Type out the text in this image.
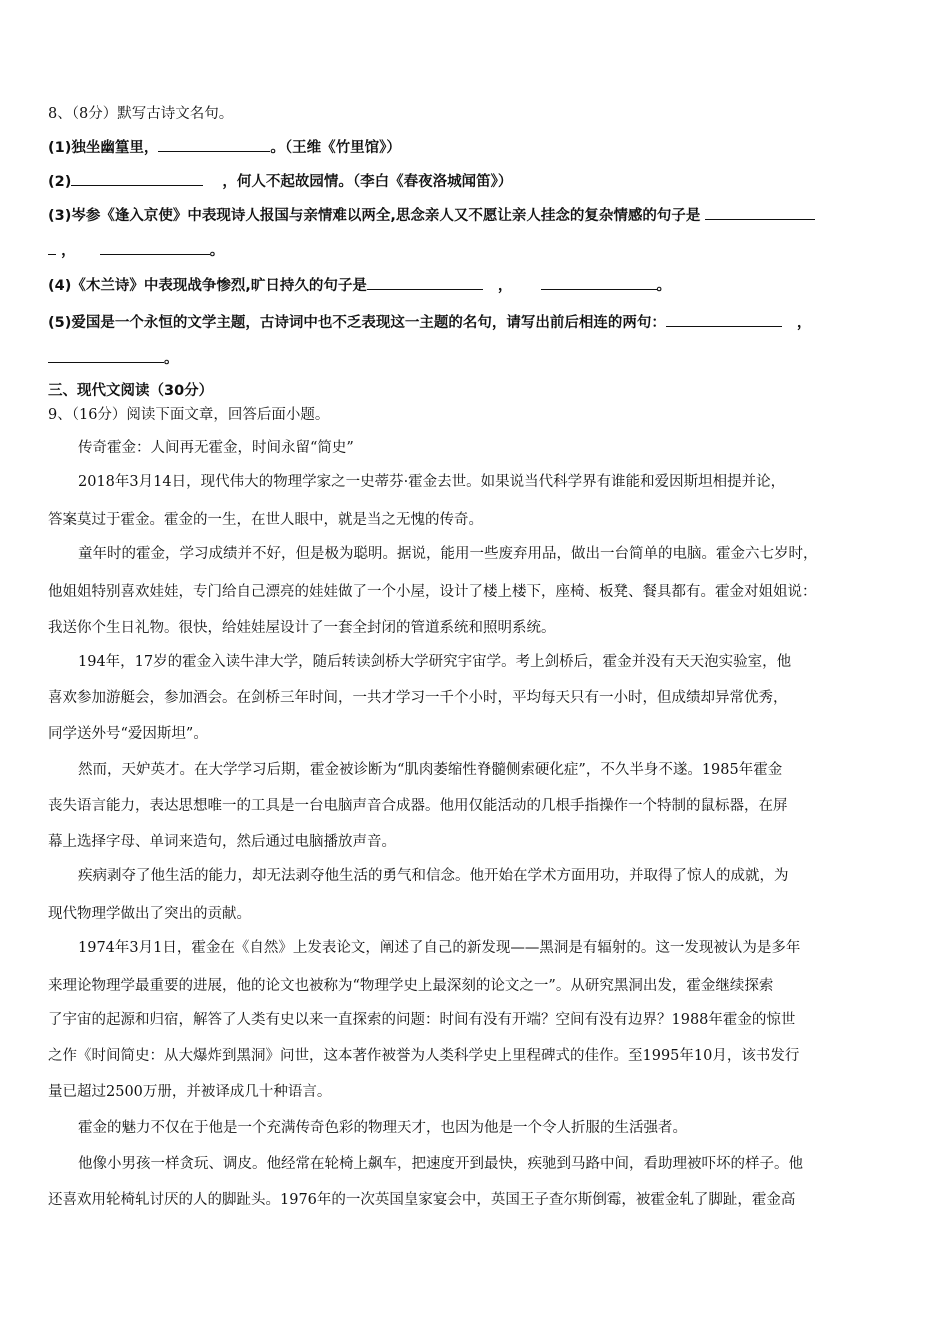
8、（8分）默写古诗文名句。
(1)独坐幽篁里，	。（王维《竹里馆》）
(2)	，何人不起故园情。（李白《春夜洛城闻笛》）
(3)岑参《逢入京使》中表现诗人报国与亲情难以两全,思念亲人又不愿让亲人挂念的复杂情感的句子是
，	。
(4)《木兰诗》中表现战争惨烈,旷日持久的句子是	，	。
(5)爱国是一个永恒的文学主题，古诗词中也不乏表现这一主题的名句，请写出前后相连的两句：	，
。
三、现代文阅读（30分）
9、（16分）阅读下面文章，回答后面小题。
传奇霍金：人间再无霍金，时间永留“简史”
2018年3月14日，现代伟大的物理学家之一史蒂芬·霍金去世。如果说当代科学界有谁能和爱因斯坦相提并论，
答案莫过于霍金。霍金的一生，在世人眼中，就是当之无愧的传奇。
童年时的霍金，学习成绩并不好，但是极为聪明。据说，能用一些废弃用品，做出一台简单的电脑。霍金六七岁时，
他姐姐特别喜欢娃娃，专门给自己漂亮的娃娃做了一个小屋，设计了楼上楼下，座椅、板凳、餐具都有。霍金对姐姐说：
我送你个生日礼物。很快，给娃娃屋设计了一套全封闭的管道系统和照明系统。
194年，17岁的霍金入读牛津大学，随后转读剑桥大学研究宇宙学。考上剑桥后，霍金并没有天天泡实验室，他
喜欢参加游艇会，参加酒会。在剑桥三年时间，一共才学习一千个小时，平均每天只有一小时，但成绩却异常优秀，
同学送外号“爱因斯坦”。
然而，天妒英才。在大学学习后期，霍金被诊断为“肌肉萎缩性脊髓侧索硬化症”，不久半身不遂。1985年霍金
丧失语言能力，表达思想唯一的工具是一台电脑声音合成器。他用仅能活动的几根手指操作一个特制的鼠标器，在屏
幕上选择字母、单词来造句，然后通过电脑播放声音。
疾病剥夺了他生活的能力，却无法剥夺他生活的勇气和信念。他开始在学术方面用功，并取得了惊人的成就，为
现代物理学做出了突出的贡献。
1974年3月1日，霍金在《自然》上发表论文，阐述了自己的新发现——黑洞是有辐射的。这一发现被认为是多年
来理论物理学最重要的进展，他的论文也被称为“物理学史上最深刻的论文之一”。从研究黑洞出发，霍金继续探索
了宇宙的起源和归宿，解答了人类有史以来一直探索的问题：时间有没有开端？空间有没有边界？1988年霍金的惊世
之作《时间简史：从大爆炸到黑洞》问世，这本著作被誉为人类科学史上里程碑式的佳作。至1995年10月，该书发行
量已超过2500万册，并被译成几十种语言。
霍金的魅力不仅在于他是一个充满传奇色彩的物理天才，也因为他是一个令人折服的生活强者。
他像小男孩一样贪玩、调皮。他经常在轮椅上飙车，把速度开到最快，疾驰到马路中间，看助理被吓坏的样子。他
还喜欢用轮椅轧讨厌的人的脚趾头。1976年的一次英国皇家宴会中，英国王子查尔斯倒霉，被霍金轧了脚趾，霍金高
